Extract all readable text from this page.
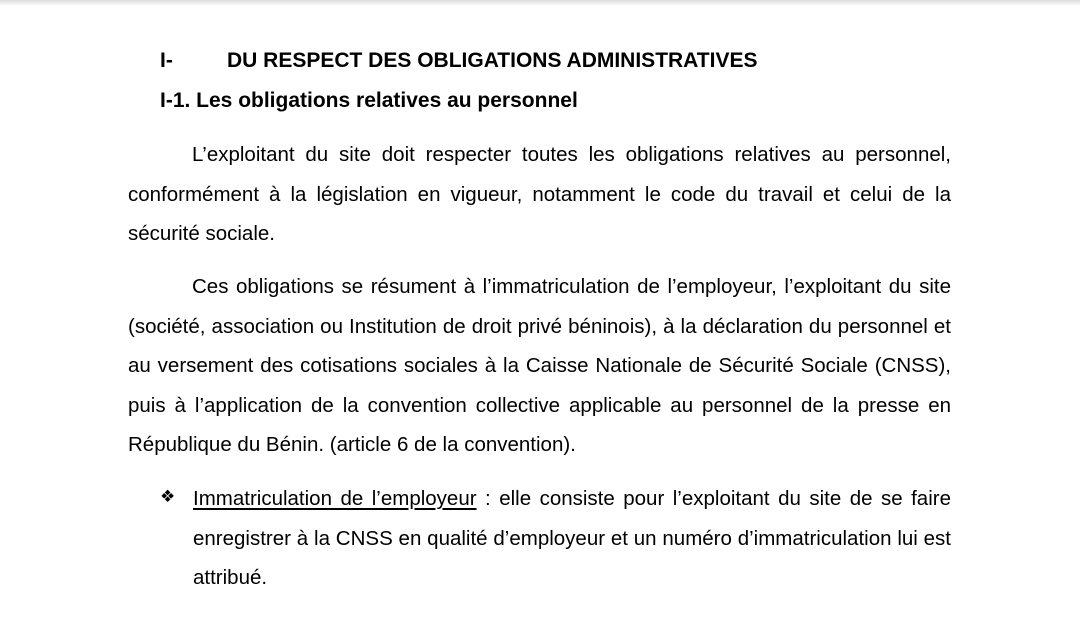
I-	DU RESPECT DES OBLIGATIONS ADMINISTRATIVES
I-1. Les obligations relatives au personnel

L’exploitant du site doit respecter toutes les obligations relatives au personnel, conformément à la législation en vigueur, notamment le code du travail et celui de la sécurité sociale.

Ces obligations se résument à l’immatriculation de l’employeur, l’exploitant du site (société, association ou Institution de droit privé béninois), à la déclaration du personnel et au versement des cotisations sociales à la Caisse Nationale de Sécurité Sociale (CNSS), puis à l’application de la convention collective applicable au personnel de la presse en République du Bénin. (article 6 de la convention).

❖ Immatriculation de l’employeur : elle consiste pour l’exploitant du site de se faire enregistrer à la CNSS en qualité d’employeur et un numéro d’immatriculation lui est attribué.
